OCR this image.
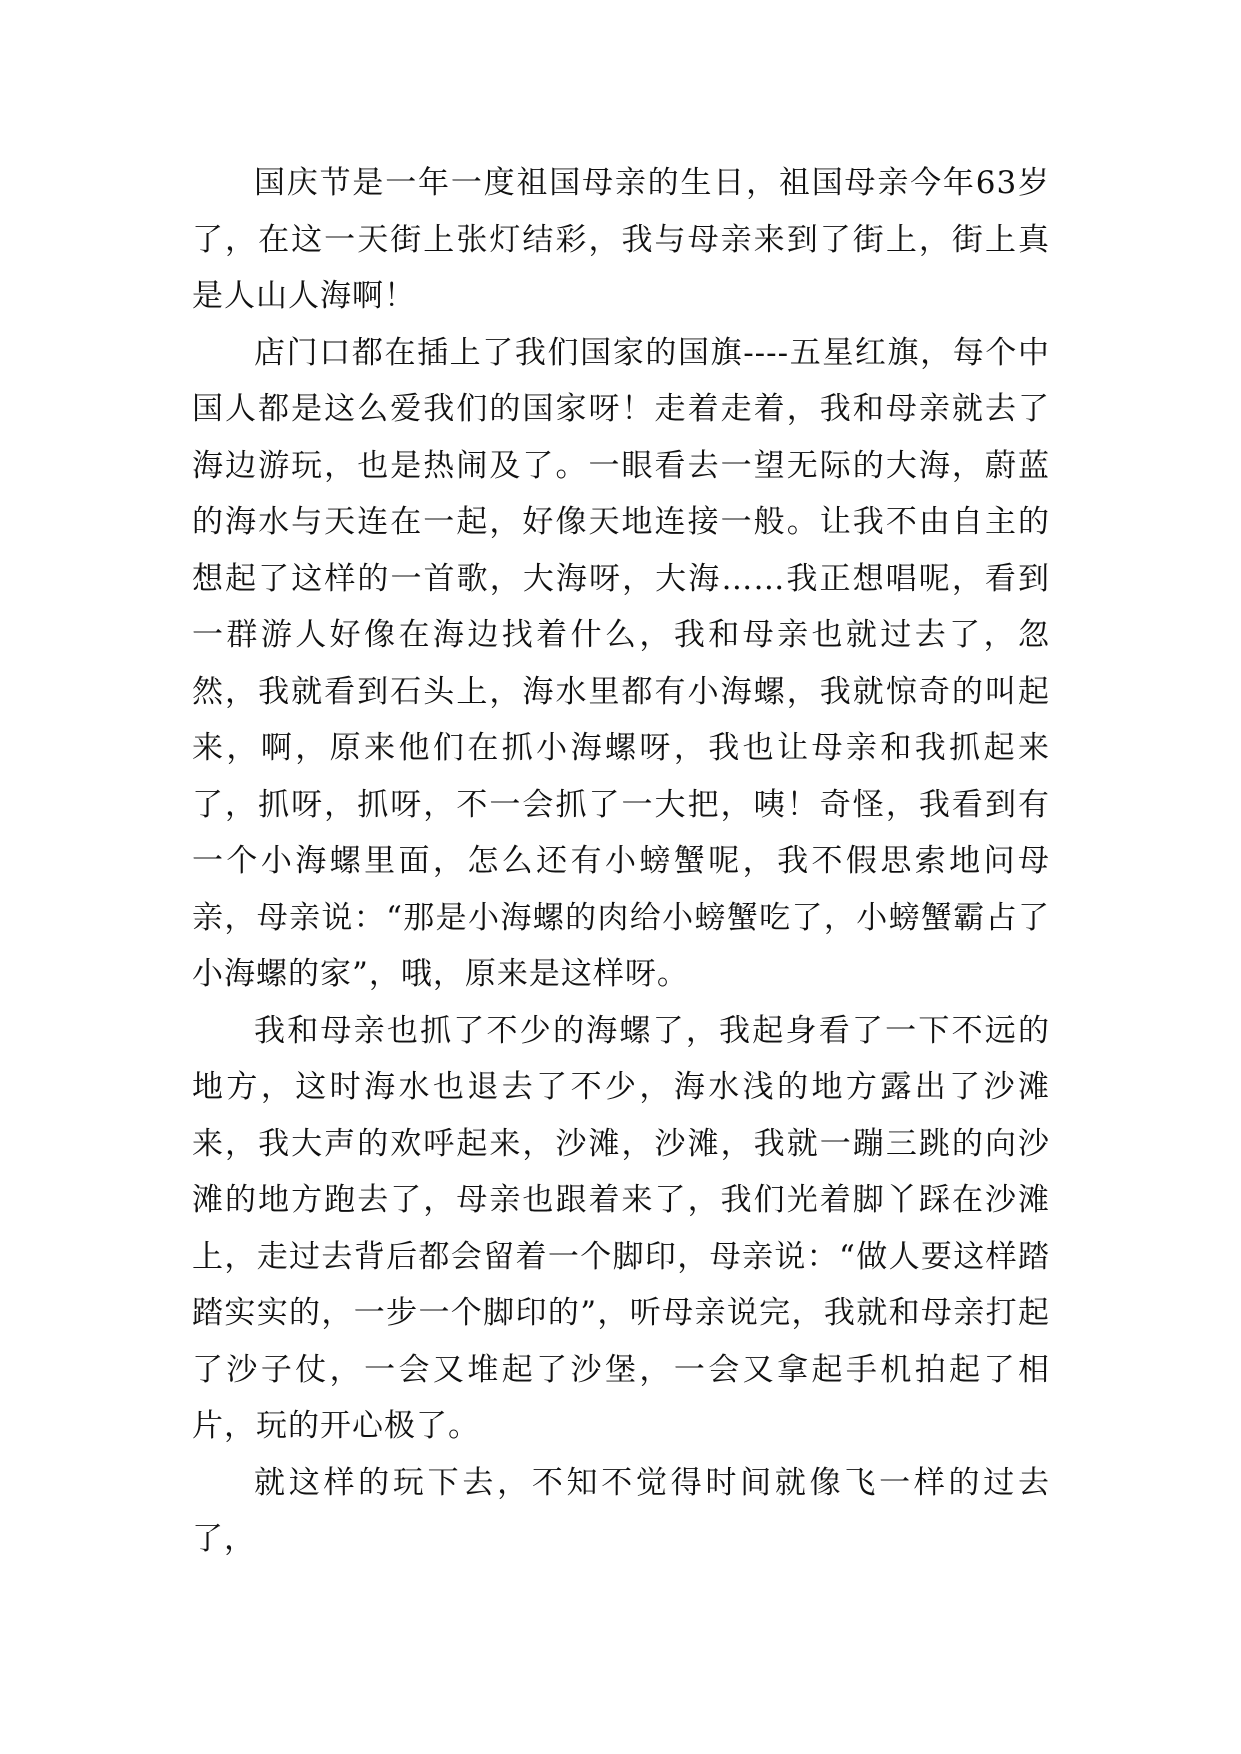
国庆节是一年一度祖国母亲的生日，祖国母亲今年63岁了，在这一天街上张灯结彩，我与母亲来到了街上，街上真是人山人海啊！

店门口都在插上了我们国家的国旗----五星红旗，每个中国人都是这么爱我们的国家呀！走着走着，我和母亲就去了海边游玩，也是热闹及了。一眼看去一望无际的大海，蔚蓝的海水与天连在一起，好像天地连接一般。让我不由自主的想起了这样的一首歌，大海呀，大海……我正想唱呢，看到一群游人好像在海边找着什么，我和母亲也就过去了，忽然，我就看到石头上，海水里都有小海螺，我就惊奇的叫起来，啊，原来他们在抓小海螺呀，我也让母亲和我抓起来了，抓呀，抓呀，不一会抓了一大把，咦！奇怪，我看到有一个小海螺里面，怎么还有小螃蟹呢，我不假思索地问母亲，母亲说：“那是小海螺的肉给小螃蟹吃了，小螃蟹霸占了小海螺的家”，哦，原来是这样呀。

我和母亲也抓了不少的海螺了，我起身看了一下不远的地方，这时海水也退去了不少，海水浅的地方露出了沙滩来，我大声的欢呼起来，沙滩，沙滩，我就一蹦三跳的向沙滩的地方跑去了，母亲也跟着来了，我们光着脚丫踩在沙滩上，走过去背后都会留着一个脚印，母亲说：“做人要这样踏踏实实的，一步一个脚印的”，听母亲说完，我就和母亲打起了沙子仗，一会又堆起了沙堡，一会又拿起手机拍起了相片，玩的开心极了。

就这样的玩下去，不知不觉得时间就像飞一样的过去了，
